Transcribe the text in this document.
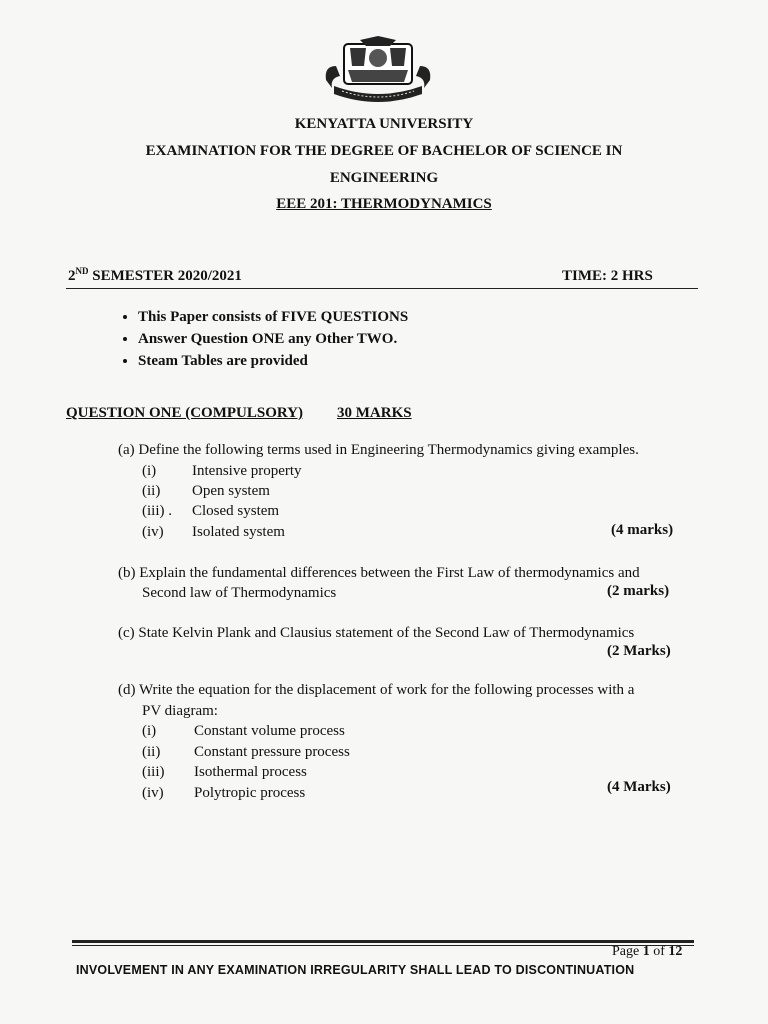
KENYATTA UNIVERSITY
EXAMINATION FOR THE DEGREE OF BACHELOR OF SCIENCE IN
ENGINEERING
EEE 201: THERMODYNAMICS
2ND SEMESTER 2020/2021	TIME: 2 HRS
• This Paper consists of FIVE QUESTIONS
• Answer Question ONE any Other TWO.
• Steam Tables are provided
QUESTION ONE (COMPULSORY) 30 MARKS
(a) Define the following terms used in Engineering Thermodynamics giving examples.
(i) Intensive property
(ii) Open system
(iii) . Closed system
(iv) Isolated system	(4 marks)
(b) Explain the fundamental differences between the First Law of thermodynamics and
Second law of Thermodynamics	(2 marks)
(c) State Kelvin Plank and Clausius statement of the Second Law of Thermodynamics
(2 Marks)
(d) Write the equation for the displacement of work for the following processes with a
PV diagram:
(i)	Constant volume process
(ii) Constant pressure process
(iii) Isothermal process
(iv) Polytropic process	(4 Marks)
Page 1 of 12
INVOLVEMENT IN ANY EXAMINATION IRREGULARITY SHALL LEAD TO DISCONTINUATION
